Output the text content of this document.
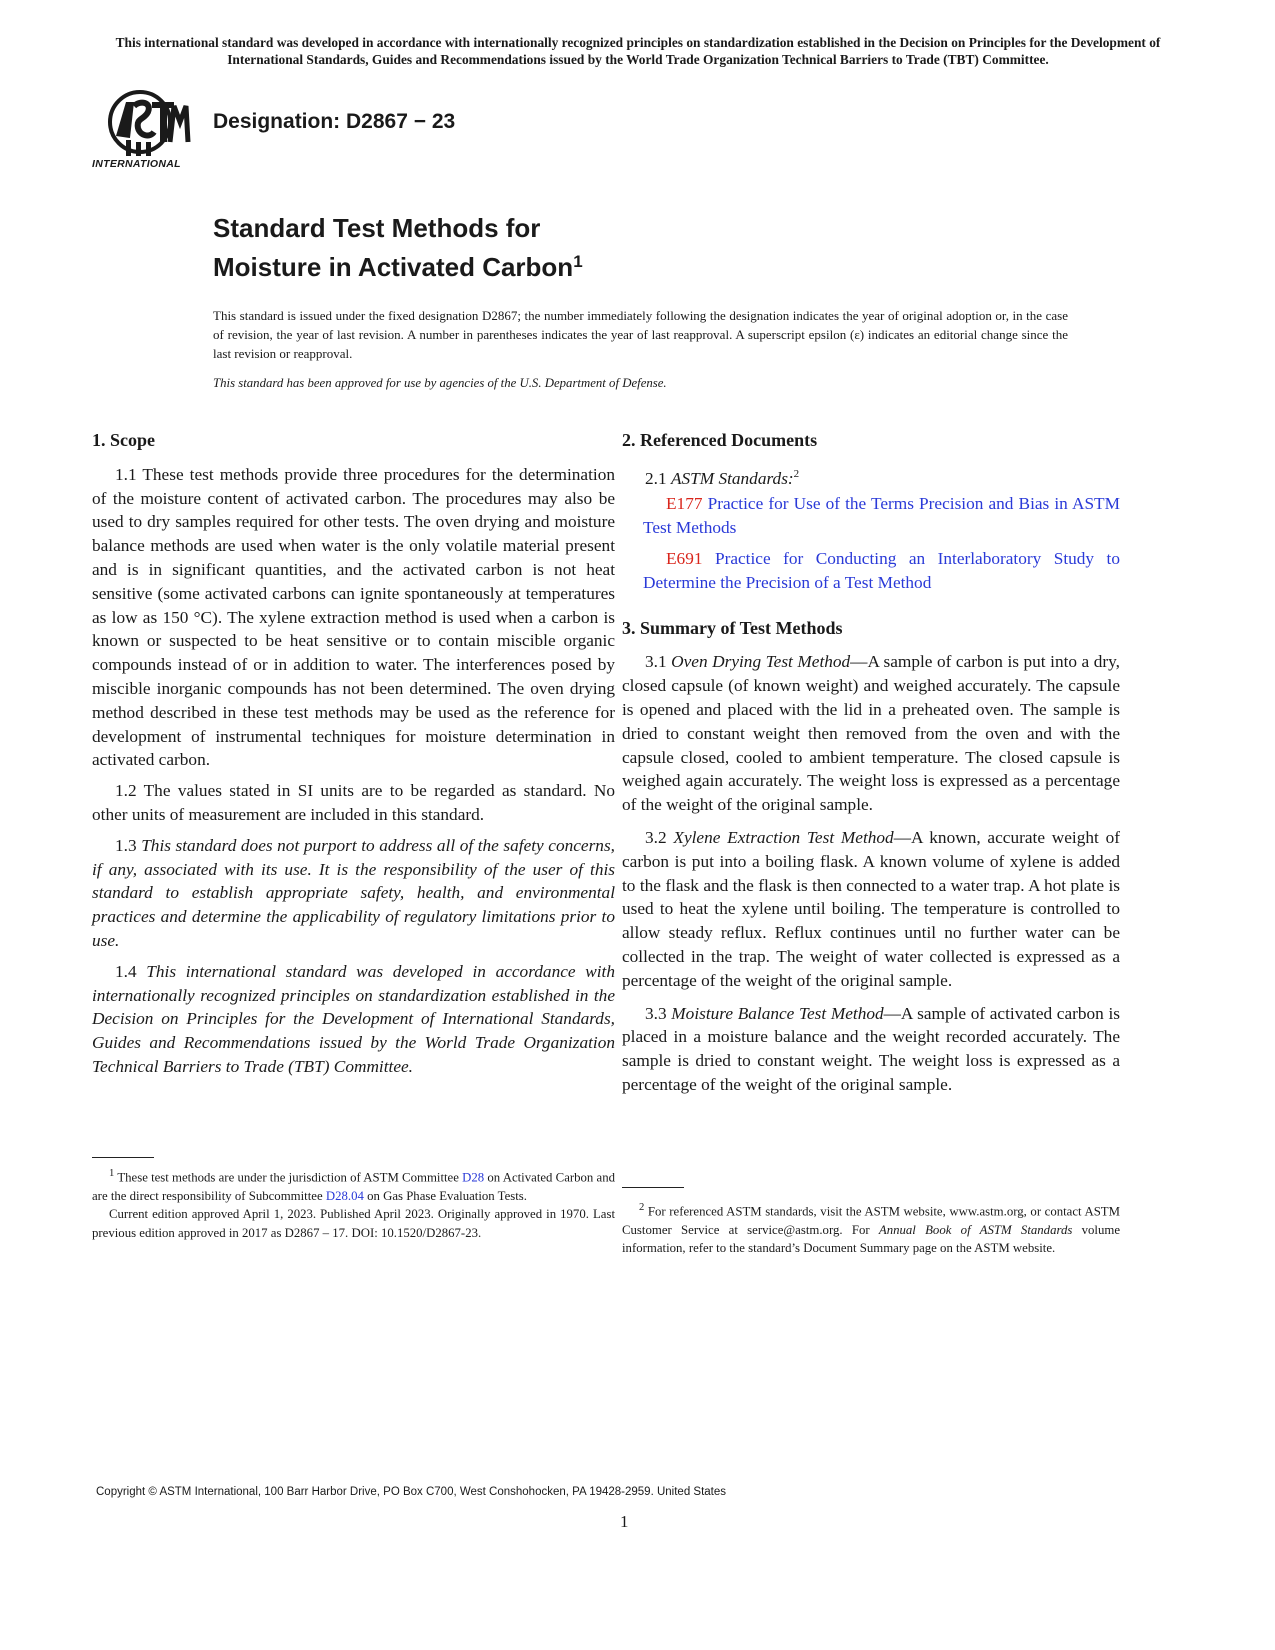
This international standard was developed in accordance with internationally recognized principles on standardization established in the Decision on Principles for the Development of International Standards, Guides and Recommendations issued by the World Trade Organization Technical Barriers to Trade (TBT) Committee.
INTERNATIONAL
Designation: D2867 − 23
Standard Test Methods for
Moisture in Activated Carbon$^1$
This standard is issued under the fixed designation D2867; the number immediately following the designation indicates the year of original adoption or, in the case of revision, the year of last revision. A number in parentheses indicates the year of last reapproval. A superscript epsilon (ε) indicates an editorial change since the last revision or reapproval.
This standard has been approved for use by agencies of the U.S. Department of Defense.
1. Scope

1.1 These test methods provide three procedures for the determination of the moisture content of activated carbon. The procedures may also be used to dry samples required for other tests. The oven drying and moisture balance methods are used when water is the only volatile material present and is in significant quantities, and the activated carbon is not heat sensitive (some activated carbons can ignite spontaneously at temperatures as low as 150 °C). The xylene extraction method is used when a carbon is known or suspected to be heat sensitive or to contain miscible organic compounds instead of or in addition to water. The interferences posed by miscible inorganic compounds has not been determined. The oven drying method described in these test methods may be used as the reference for development of instrumental techniques for moisture determination in activated carbon.

1.2 The values stated in SI units are to be regarded as standard. No other units of measurement are included in this standard.

1.3 This standard does not purport to address all of the safety concerns, if any, associated with its use. It is the responsibility of the user of this standard to establish appropriate safety, health, and environmental practices and determine the applicability of regulatory limitations prior to use.

1.4 This international standard was developed in accordance with internationally recognized principles on standardization established in the Decision on Principles for the Development of International Standards, Guides and Recommendations issued by the World Trade Organization Technical Barriers to Trade (TBT) Committee.

$^1$ These test methods are under the jurisdiction of ASTM Committee D28 on Activated Carbon and are the direct responsibility of Subcommittee D28.04 on Gas Phase Evaluation Tests.

Current edition approved April 1, 2023. Published April 2023. Originally approved in 1970. Last previous edition approved in 2017 as D2867 – 17. DOI: 10.1520/D2867-23.

2. Referenced Documents

2.1 ASTM Standards:$^2$

E177 Practice for Use of the Terms Precision and Bias in ASTM Test Methods

E691 Practice for Conducting an Interlaboratory Study to Determine the Precision of a Test Method

3. Summary of Test Methods

3.1 Oven Drying Test Method—A sample of carbon is put into a dry, closed capsule (of known weight) and weighed accurately. The capsule is opened and placed with the lid in a preheated oven. The sample is dried to constant weight then removed from the oven and with the capsule closed, cooled to ambient temperature. The closed capsule is weighed again accurately. The weight loss is expressed as a percentage of the weight of the original sample.

3.2 Xylene Extraction Test Method—A known, accurate weight of carbon is put into a boiling flask. A known volume of xylene is added to the flask and the flask is then connected to a water trap. A hot plate is used to heat the xylene until boiling. The temperature is controlled to allow steady reflux. Reflux continues until no further water can be collected in the trap. The weight of water collected is expressed as a percentage of the weight of the original sample.

3.3 Moisture Balance Test Method—A sample of activated carbon is placed in a moisture balance and the weight recorded accurately. The sample is dried to constant weight. The weight loss is expressed as a percentage of the weight of the original sample.

$^2$ For referenced ASTM standards, visit the ASTM website, www.astm.org, or contact ASTM Customer Service at service@astm.org. For Annual Book of ASTM Standards volume information, refer to the standard’s Document Summary page on the ASTM website.

Copyright © ASTM International, 100 Barr Harbor Drive, PO Box C700, West Conshohocken, PA 19428-2959. United States
1
